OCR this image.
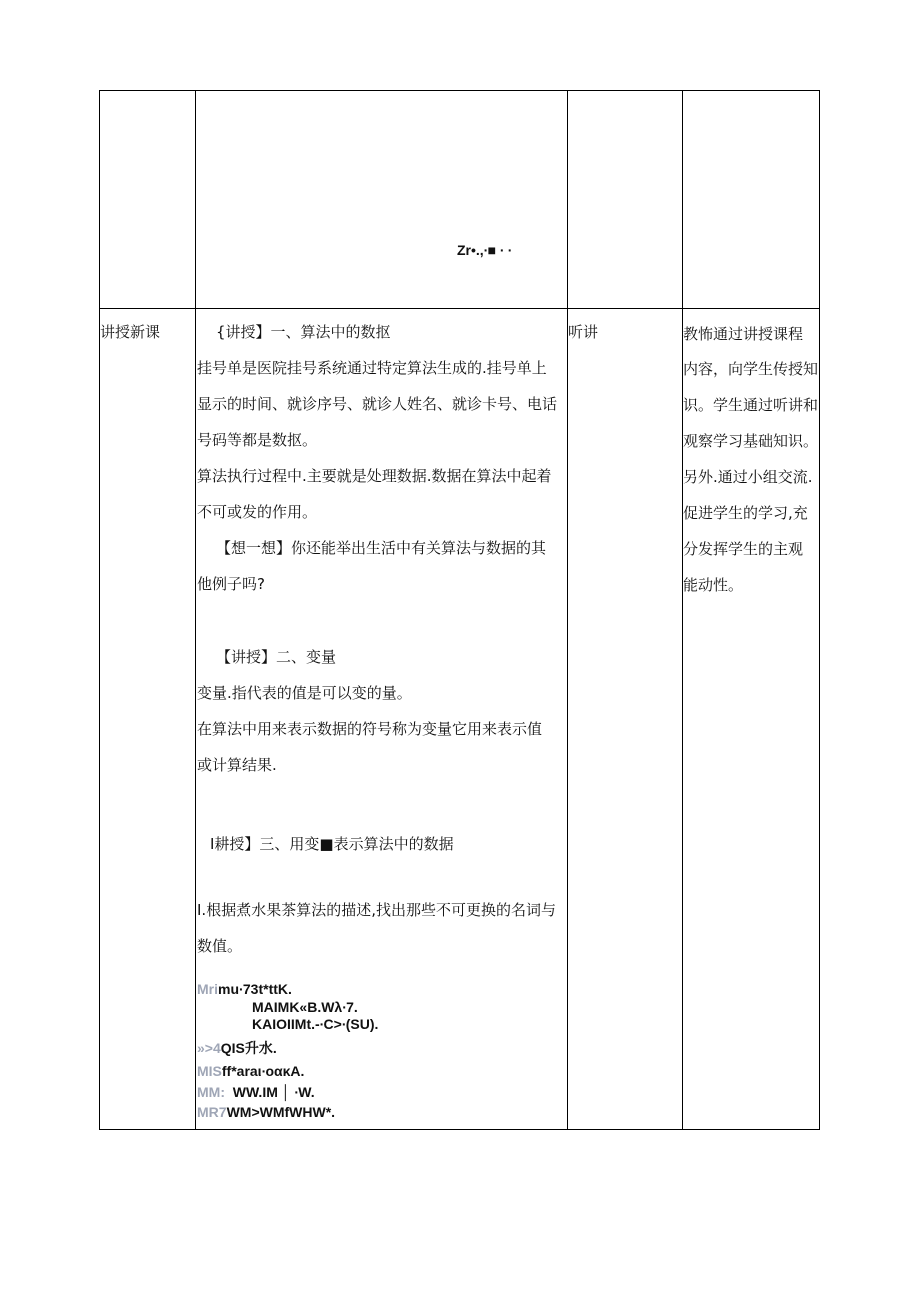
Zr•.,∙■ ∙ ∙
讲授新课	{讲授】一、算法中的数抠
挂号单是医院挂号系统通过特定算法生成的.挂号单上
显示的时间、就诊序号、就诊人姓名、就诊卡号、电话
号码等都是数抠。
算法执行过程中.主要就是处理数据.数据在算法中起着
不可或发的作用。
【想一想】你还能举出生活中有关算法与数据的其
他例子吗?
【讲授】二、变量
变量.指代表的值是可以变的量。
在算法中用来表示数据的符号称为变量它用来表示值
或计算结果.
I耕授】三、用变■表示算法中的数据
I.根据煮水果茶算法的描述,找出那些不可更换的名词与
数值。
Mrimu∙73t*ttK.
MAIMK«B.Wλ∙7.
KAIOIIMt.-∙C>∙(SU).
»>4QIS升水.
MISff*araι∙oακA.
MM: WW.IM │ ∙W.
MR7WM>WMfWHW*.
听讲	教怖通过讲授课程
内容，向学生传授知
识。学生通过听讲和
观察学习基础知识。
另外.通过小组交流.
促进学生的学习,充
分发挥学生的主观
能动性。
